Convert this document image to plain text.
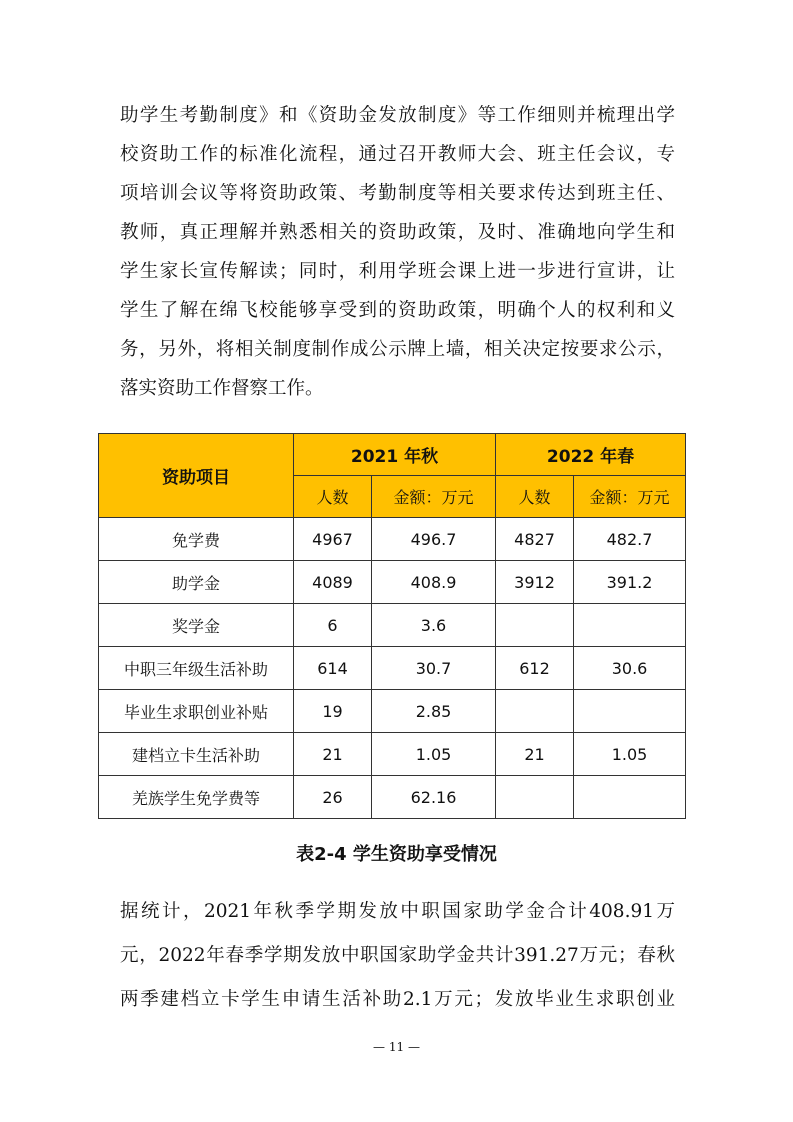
助学生考勤制度》和《资助金发放制度》等工作细则并梳理出学
校资助工作的标准化流程，通过召开教师大会、班主任会议，专
项培训会议等将资助政策、考勤制度等相关要求传达到班主任、
教师，真正理解并熟悉相关的资助政策，及时、准确地向学生和
学生家长宣传解读；同时，利用学班会课上进一步进行宣讲，让
学生了解在绵飞校能够享受到的资助政策，明确个人的权利和义
务，另外，将相关制度制作成公示牌上墙，相关决定按要求公示，
落实资助工作督察工作。
资助项目	2021 年秋		2022 年春	
	人数	金额：万元	人数	金额：万元
免学费	4967	496.7	4827	482.7
助学金	4089	408.9	3912	391.2
奖学金	6	3.6		
中职三年级生活补助	614	30.7	612	30.6
毕业生求职创业补贴	19	2.85		
建档立卡生活补助	21	1.05	21	1.05
羌族学生免学费等	26	62.16		
表2-4 学生资助享受情况
据统计，2021年秋季学期发放中职国家助学金合计408.91万
元，2022年春季学期发放中职国家助学金共计391.27万元；春秋
两季建档立卡学生申请生活补助2.1万元；发放毕业生求职创业
— 11 —
